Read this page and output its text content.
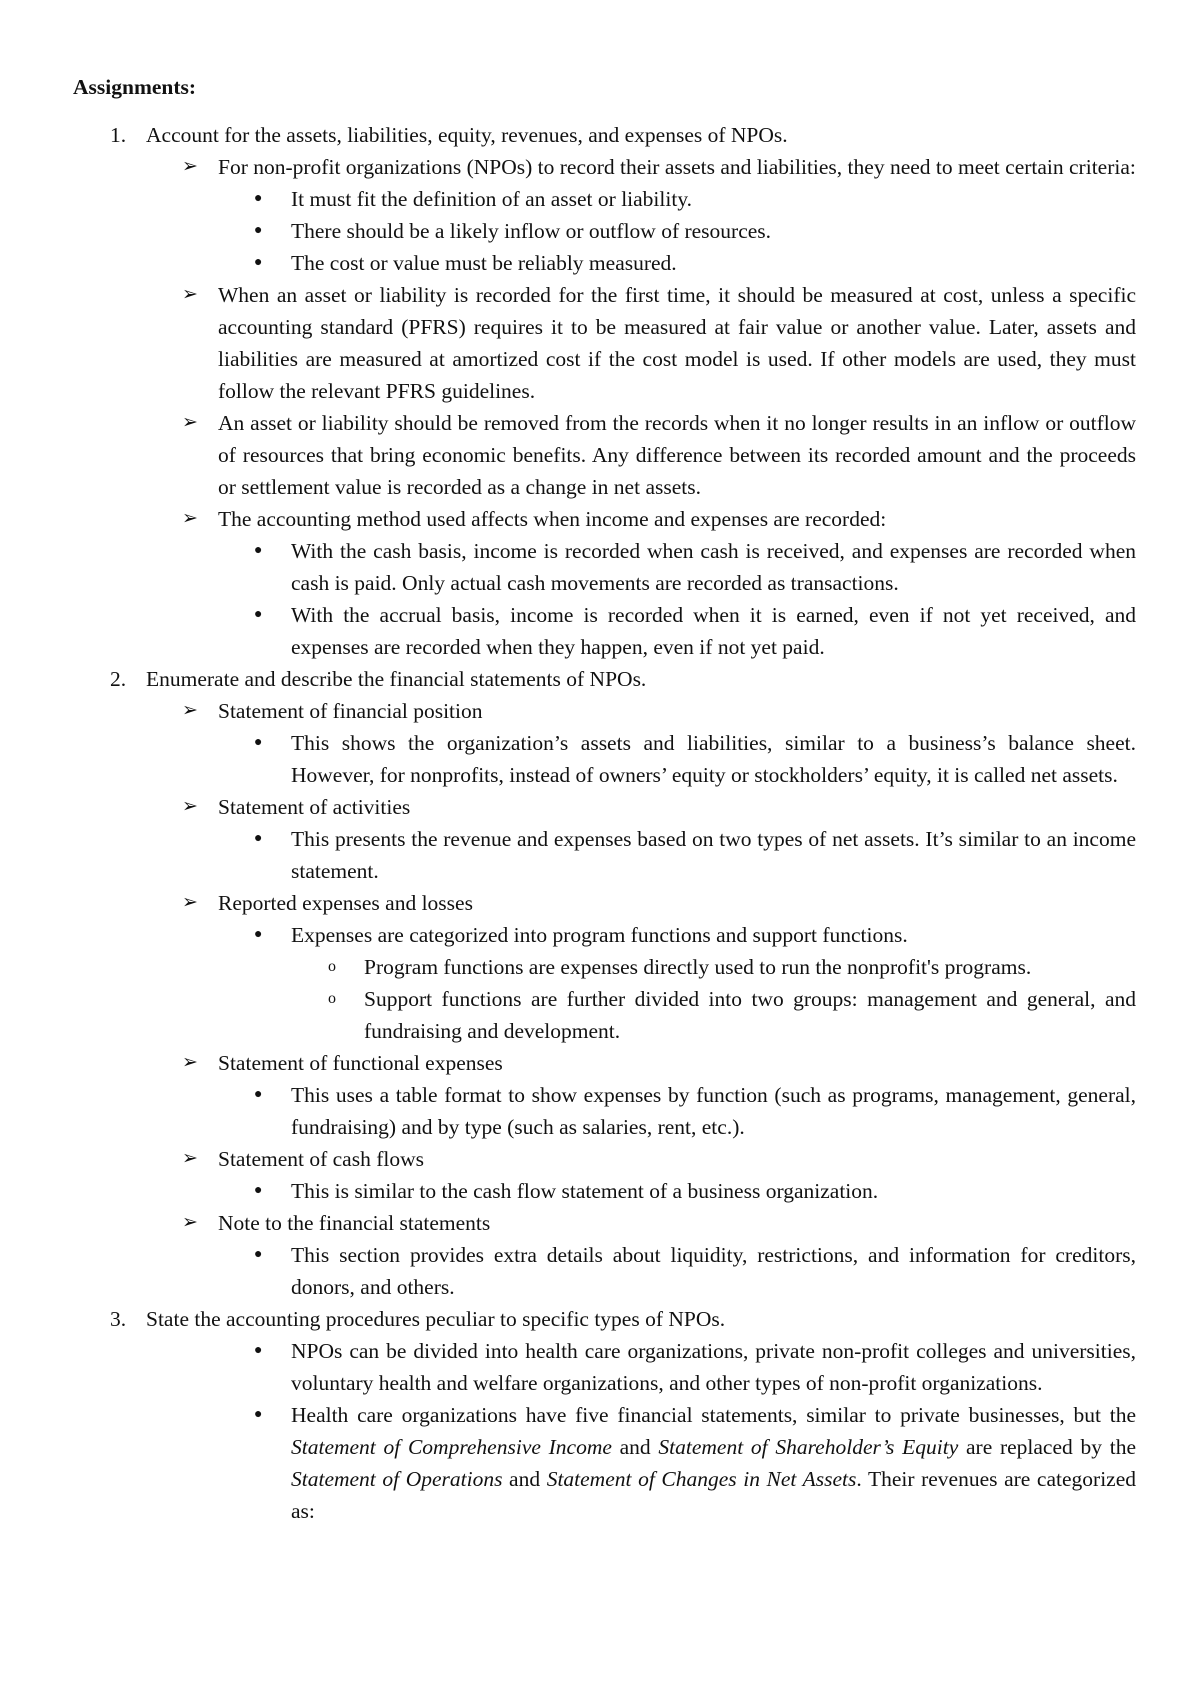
Assignments:
1. Account for the assets, liabilities, equity, revenues, and expenses of NPOs.
➢ For non-profit organizations (NPOs) to record their assets and liabilities, they need to meet certain criteria:
● It must fit the definition of an asset or liability.
● There should be a likely inflow or outflow of resources.
● The cost or value must be reliably measured.
➢ When an asset or liability is recorded for the first time, it should be measured at cost, unless a specific accounting standard (PFRS) requires it to be measured at fair value or another value. Later, assets and liabilities are measured at amortized cost if the cost model is used. If other models are used, they must follow the relevant PFRS guidelines.
➢ An asset or liability should be removed from the records when it no longer results in an inflow or outflow of resources that bring economic benefits. Any difference between its recorded amount and the proceeds or settlement value is recorded as a change in net assets.
➢ The accounting method used affects when income and expenses are recorded:
● With the cash basis, income is recorded when cash is received, and expenses are recorded when cash is paid. Only actual cash movements are recorded as transactions.
● With the accrual basis, income is recorded when it is earned, even if not yet received, and expenses are recorded when they happen, even if not yet paid.
2. Enumerate and describe the financial statements of NPOs.
➢ Statement of financial position
● This shows the organization’s assets and liabilities, similar to a business’s balance sheet. However, for nonprofits, instead of owners’ equity or stockholders’ equity, it is called net assets.
➢ Statement of activities
● This presents the revenue and expenses based on two types of net assets. It’s similar to an income statement.
➢ Reported expenses and losses
● Expenses are categorized into program functions and support functions.
o Program functions are expenses directly used to run the nonprofit's programs.
o Support functions are further divided into two groups: management and general, and fundraising and development.
➢ Statement of functional expenses
● This uses a table format to show expenses by function (such as programs, management, general, fundraising) and by type (such as salaries, rent, etc.).
➢ Statement of cash flows
● This is similar to the cash flow statement of a business organization.
➢ Note to the financial statements
● This section provides extra details about liquidity, restrictions, and information for creditors, donors, and others.
3. State the accounting procedures peculiar to specific types of NPOs.
● NPOs can be divided into health care organizations, private non-profit colleges and universities, voluntary health and welfare organizations, and other types of non-profit organizations.
● Health care organizations have five financial statements, similar to private businesses, but the Statement of Comprehensive Income and Statement of Shareholder’s Equity are replaced by the Statement of Operations and Statement of Changes in Net Assets. Their revenues are categorized as:
